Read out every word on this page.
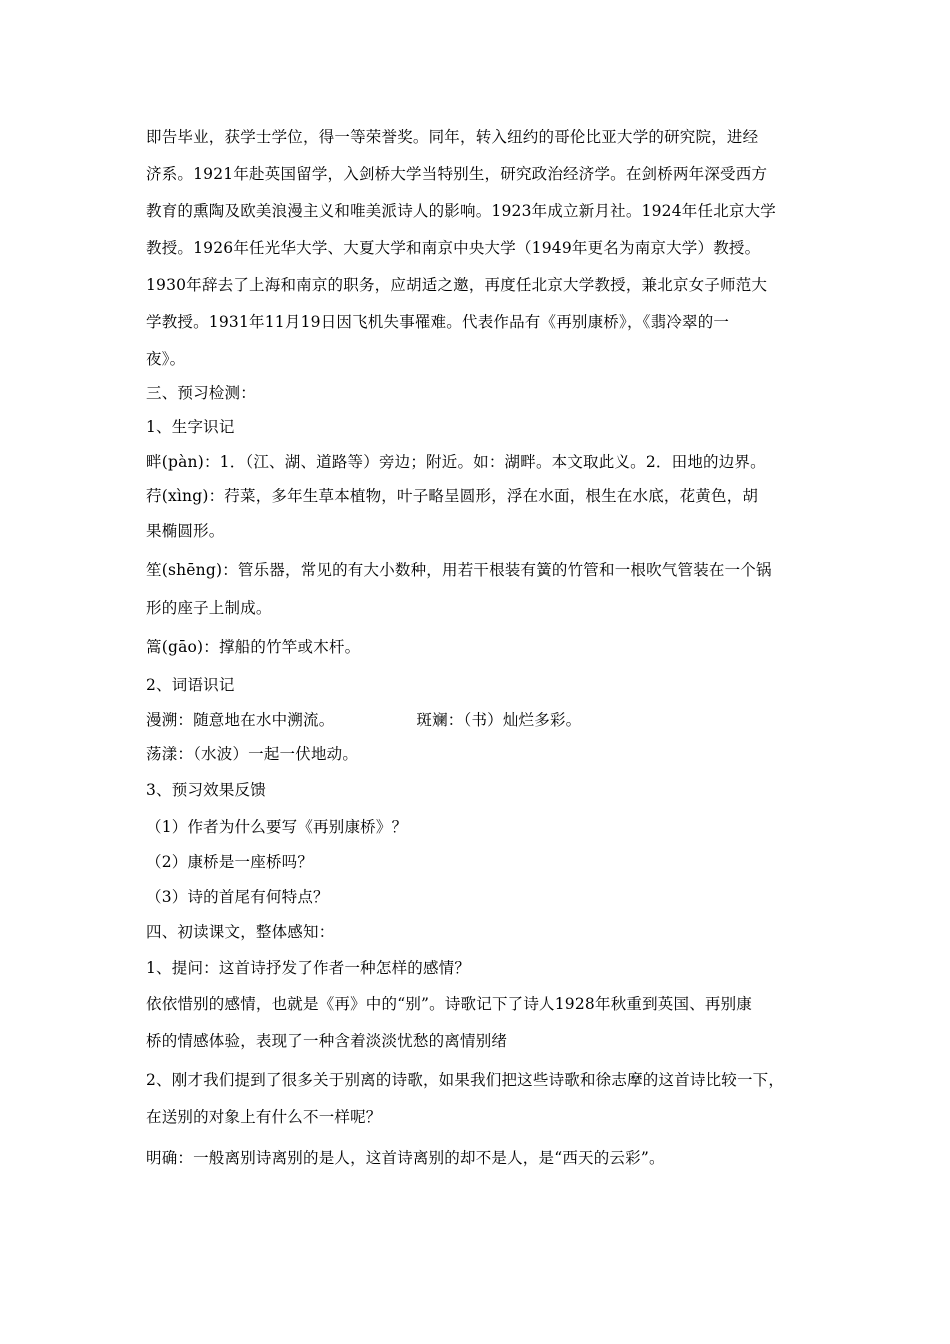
即告毕业，获学士学位，得一等荣誉奖。同年，转入纽约的哥伦比亚大学的研究院，进经
济系。1921年赴英国留学，入剑桥大学当特别生，研究政治经济学。在剑桥两年深受西方
教育的熏陶及欧美浪漫主义和唯美派诗人的影响。1923年成立新月社。1924年任北京大学
教授。1926年任光华大学、大夏大学和南京中央大学（1949年更名为南京大学）教授。
1930年辞去了上海和南京的职务，应胡适之邀，再度任北京大学教授，兼北京女子师范大
学教授。1931年11月19日因飞机失事罹难。代表作品有《再别康桥》，《翡冷翠的一
夜》。
三、预习检测：
1、生字识记
畔(pàn)：1．（江、湖、道路等）旁边；附近。如：湖畔。本文取此义。2．田地的边界。
荇(xìng)：荇菜，多年生草本植物，叶子略呈圆形，浮在水面，根生在水底，花黄色，胡
果椭圆形。
笙(shēng)：管乐器，常见的有大小数种，用若干根装有簧的竹管和一根吹气管装在一个锅
形的座子上制成。
篙(gāo)：撑船的竹竿或木杆。
2、词语识记
漫溯：随意地在水中溯流。	斑斓：（书）灿烂多彩。
荡漾：（水波）一起一伏地动。
3、预习效果反馈
（1）作者为什么要写《再别康桥》？
（2）康桥是一座桥吗？
（3）诗的首尾有何特点？
四、初读课文，整体感知：
1、提问：这首诗抒发了作者一种怎样的感情？
依依惜别的感情，也就是《再》中的“别”。诗歌记下了诗人1928年秋重到英国、再别康
桥的情感体验，表现了一种含着淡淡忧愁的离情别绪
2、刚才我们提到了很多关于别离的诗歌，如果我们把这些诗歌和徐志摩的这首诗比较一下，
在送别的对象上有什么不一样呢？
明确：一般离别诗离别的是人，这首诗离别的却不是人，是“西天的云彩”。
